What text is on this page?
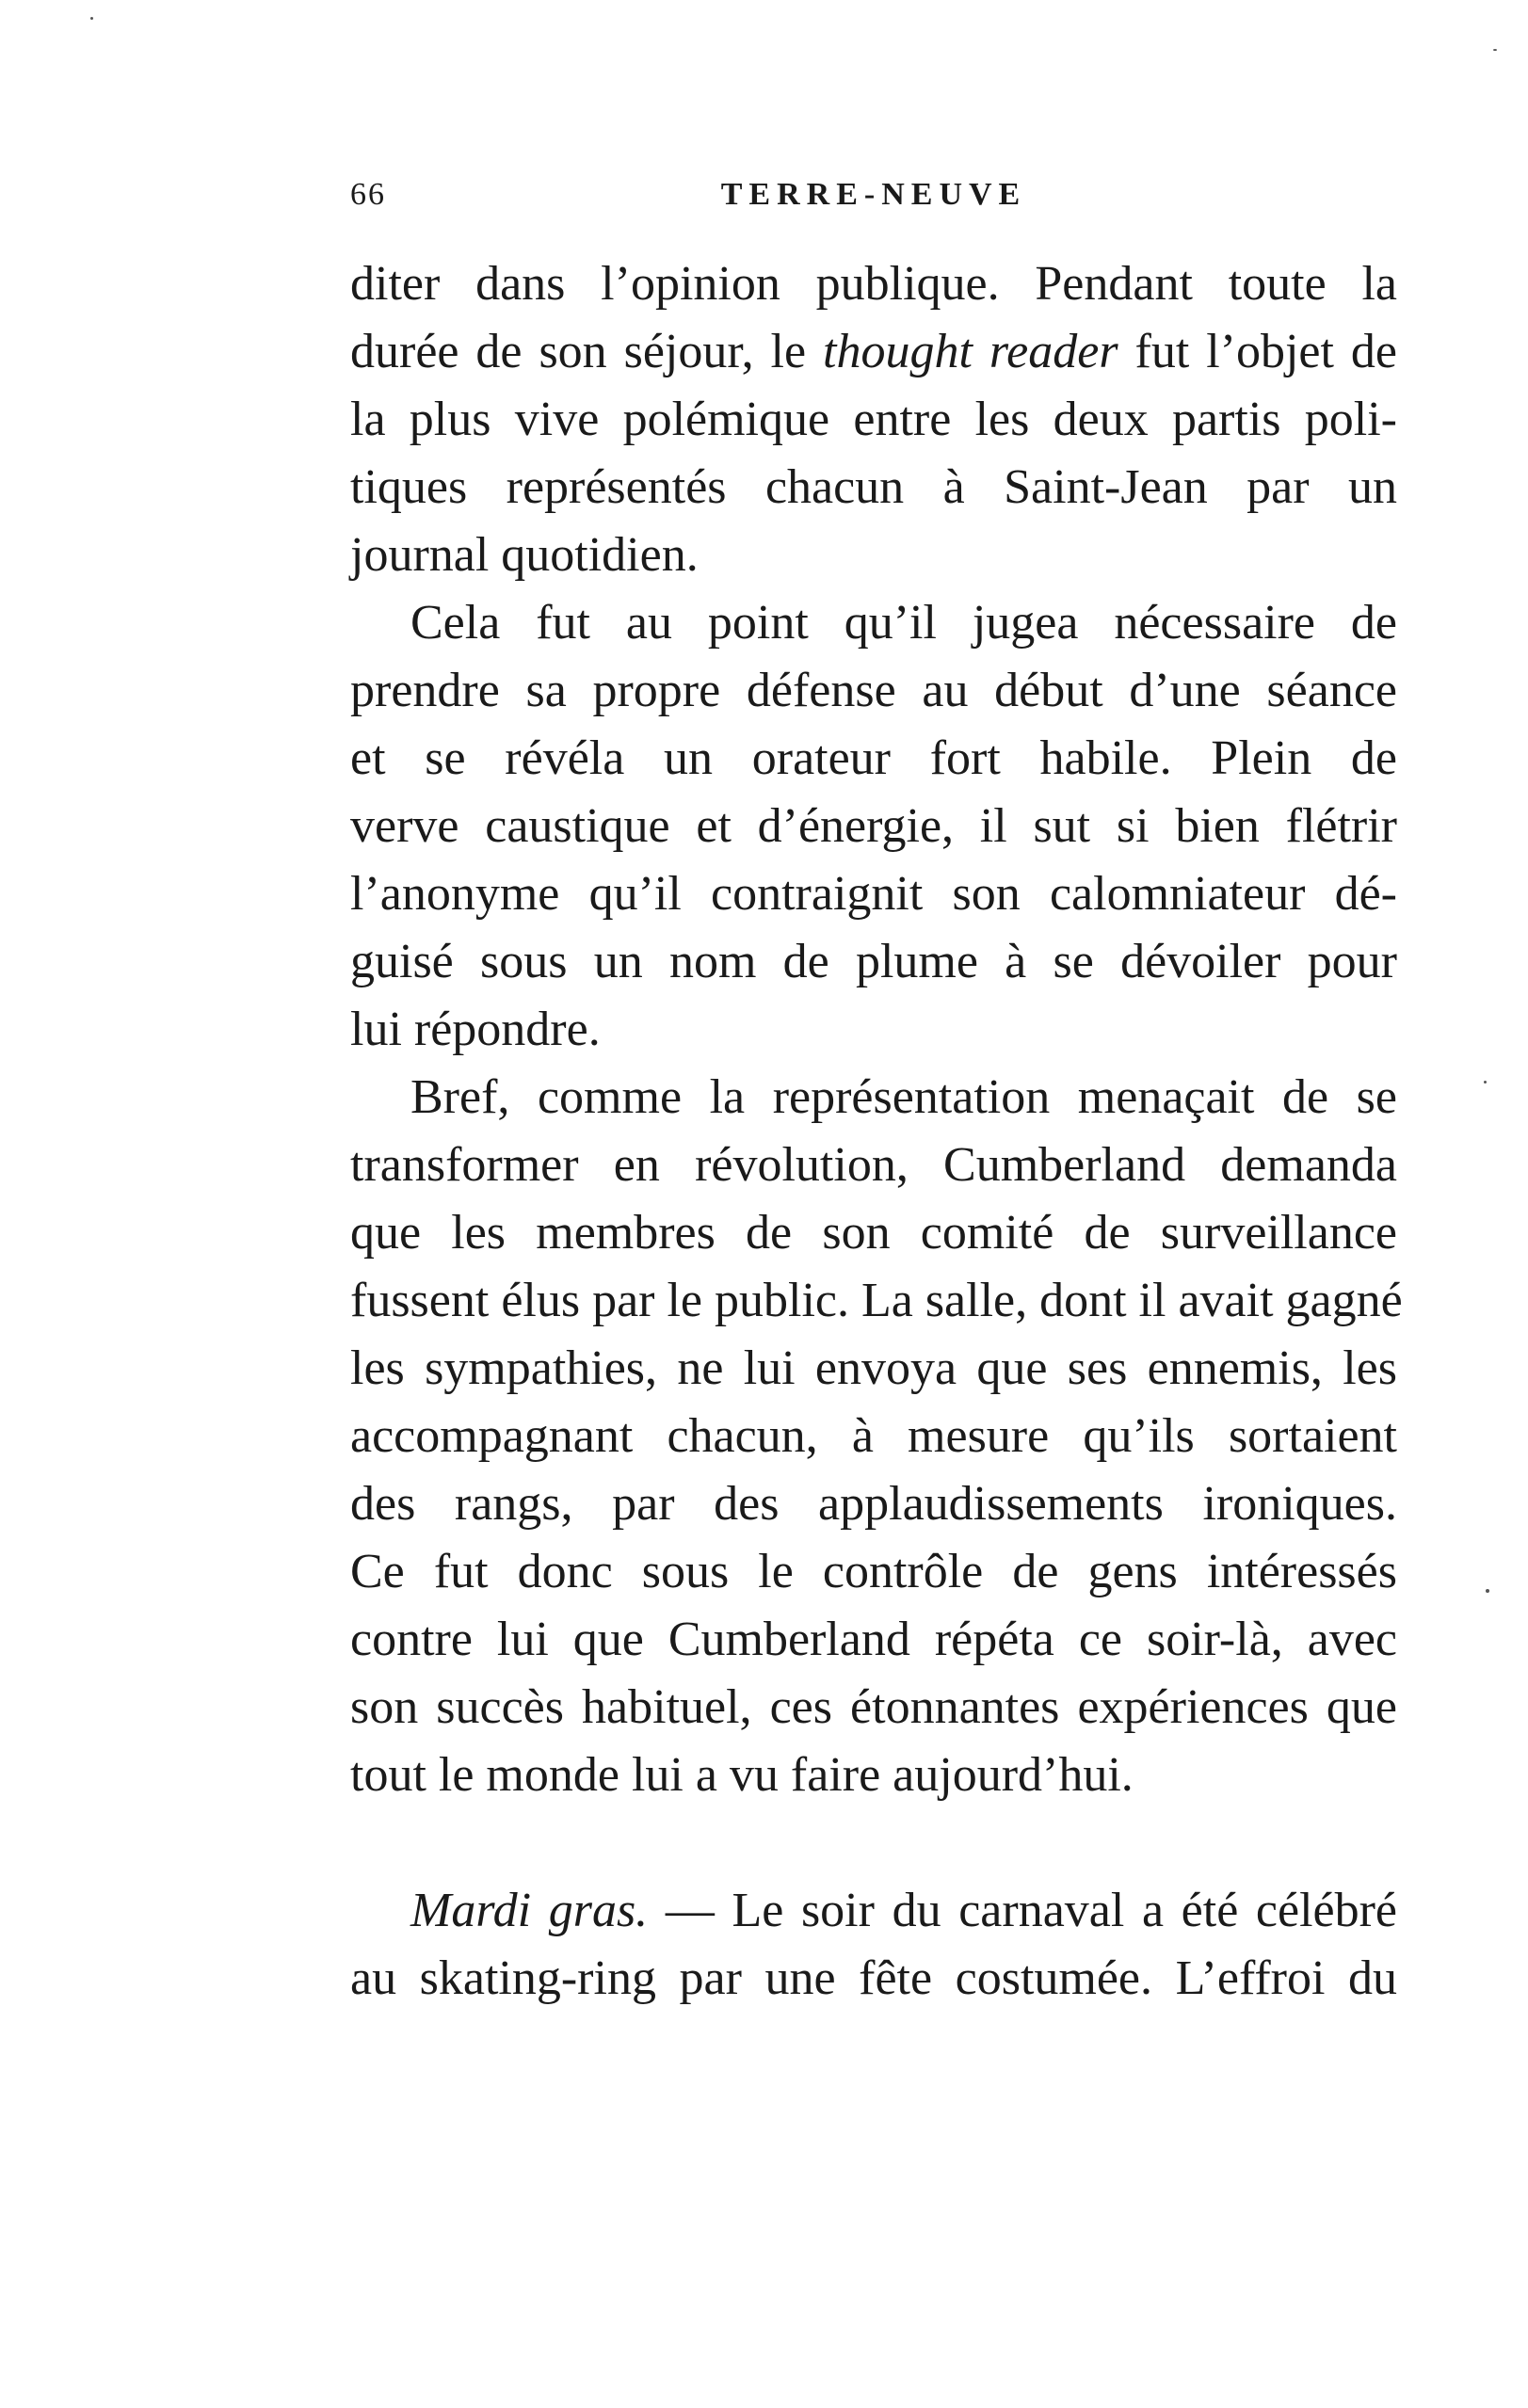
66	TERRE-NEUVE
diter dans l’opinion publique. Pendant toute la
durée de son séjour, le thought reader fut l’objet de
la plus vive polémique entre les deux partis poli-
tiques représentés chacun à Saint-Jean par un
journal quotidien.
Cela fut au point qu’il jugea nécessaire de
prendre sa propre défense au début d’une séance
et se révéla un orateur fort habile. Plein de
verve caustique et d’énergie, il sut si bien flétrir
l’anonyme qu’il contraignit son calomniateur dé-
guisé sous un nom de plume à se dévoiler pour
lui répondre.
Bref, comme la représentation menaçait de se
transformer en révolution, Cumberland demanda
que les membres de son comité de surveillance
fussent élus par le public. La salle, dont il avait gagné
les sympathies, ne lui envoya que ses ennemis, les
accompagnant chacun, à mesure qu’ils sortaient
des rangs, par des applaudissements ironiques.
Ce fut donc sous le contrôle de gens intéressés
contre lui que Cumberland répéta ce soir-là, avec
son succès habituel, ces étonnantes expériences que
tout le monde lui a vu faire aujourd’hui.
Mardi gras. — Le soir du carnaval a été célébré
au skating-ring par une fête costumée. L’effroi du
